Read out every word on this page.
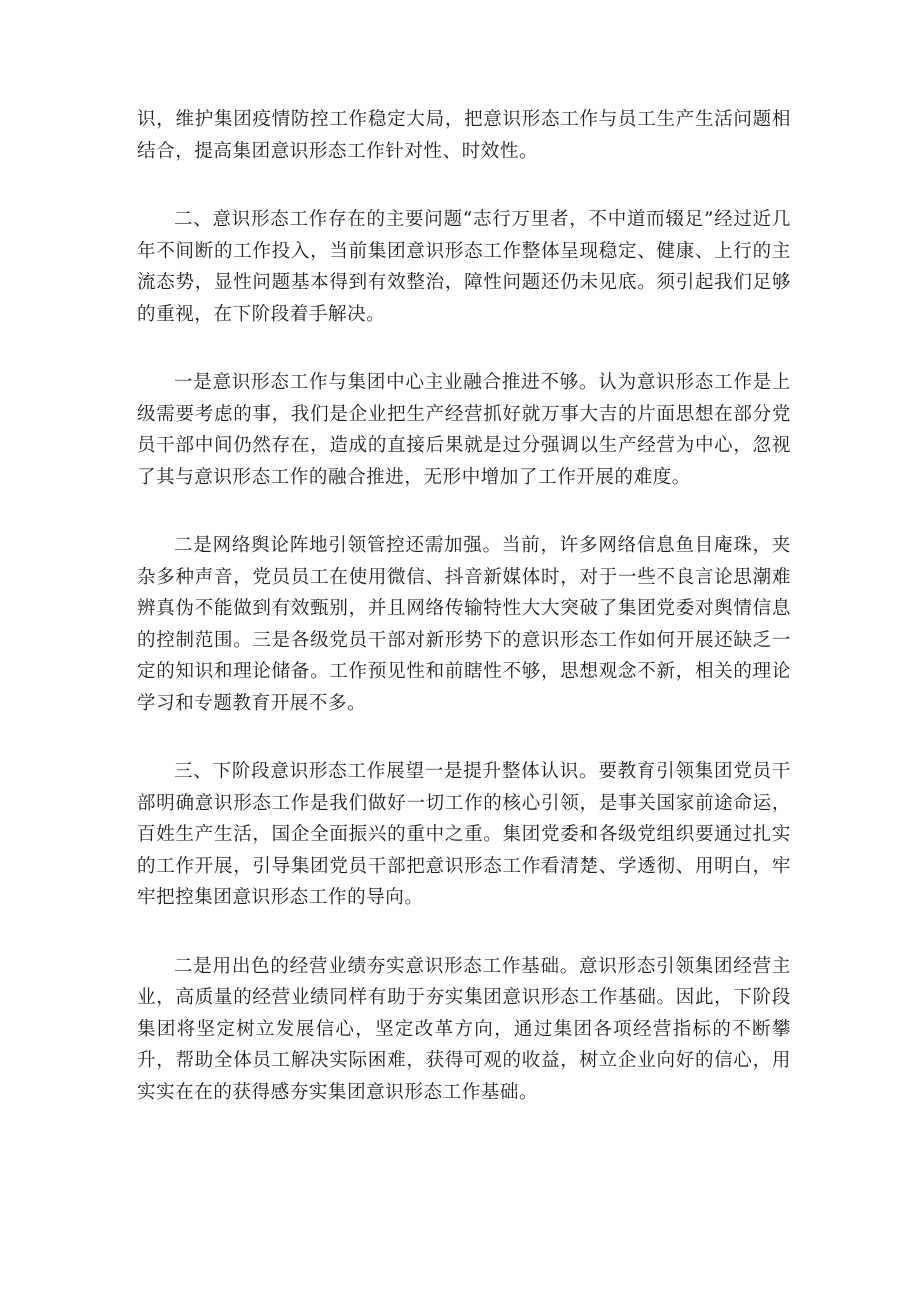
识，维护集团疫情防控工作稳定大局，把意识形态工作与员工生产生活问题相结合，提高集团意识形态工作针对性、时效性。

二、意识形态工作存在的主要问题“志行万里者，不中道而辍足”经过近几年不间断的工作投入，当前集团意识形态工作整体呈现稳定、健康、上行的主流态势，显性问题基本得到有效整治，障性问题还仍未见底。须引起我们足够的重视，在下阶段着手解决。

一是意识形态工作与集团中心主业融合推进不够。认为意识形态工作是上级需要考虑的事，我们是企业把生产经营抓好就万事大吉的片面思想在部分党员干部中间仍然存在，造成的直接后果就是过分强调以生产经营为中心，忽视了其与意识形态工作的融合推进，无形中增加了工作开展的难度。

二是网络舆论阵地引领管控还需加强。当前，许多网络信息鱼目庵珠，夹杂多种声音，党员员工在使用微信、抖音新媒体时，对于一些不良言论思潮难辨真伪不能做到有效甄别，并且网络传输特性大大突破了集团党委对舆情信息的控制范围。三是各级党员干部对新形势下的意识形态工作如何开展还缺乏一定的知识和理论储备。工作预见性和前瞎性不够，思想观念不新，相关的理论学习和专题教育开展不多。

三、下阶段意识形态工作展望一是提升整体认识。要教育引领集团党员干部明确意识形态工作是我们做好一切工作的核心引领，是事关国家前途命运，百姓生产生活，国企全面振兴的重中之重。集团党委和各级党组织要通过扎实的工作开展，引导集团党员干部把意识形态工作看清楚、学透彻、用明白，牢牢把控集团意识形态工作的导向。

二是用出色的经营业绩夯实意识形态工作基础。意识形态引领集团经营主业，高质量的经营业绩同样有助于夯实集团意识形态工作基础。因此，下阶段集团将坚定树立发展信心，坚定改革方向，通过集团各项经营指标的不断攀升，帮助全体员工解决实际困难，获得可观的收益，树立企业向好的信心，用实实在在的获得感夯实集团意识形态工作基础。
